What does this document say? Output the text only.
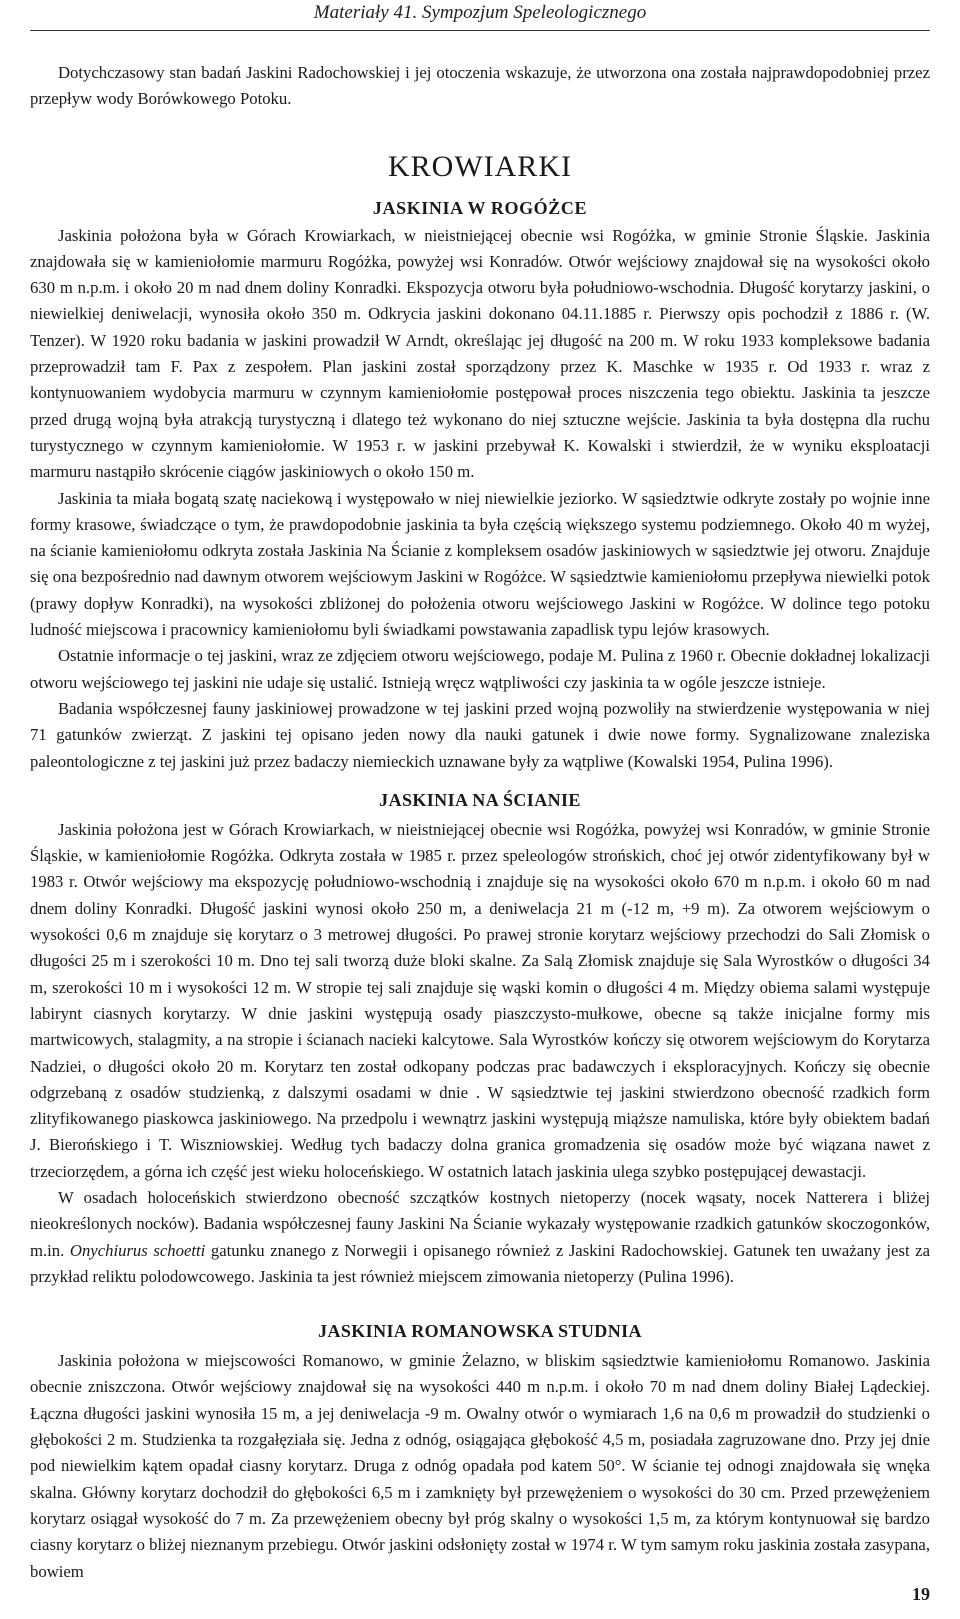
Materiały 41. Sympozjum Speleologicznego

Dotychczasowy stan badań Jaskini Radochowskiej i jej otoczenia wskazuje, że utworzona ona została najprawdopodobniej przez przepływ wody Borówkowego Potoku.

KROWIARKI
JASKINIA W ROGÓŻCE

Jaskinia położona była w Górach Krowiarkach, w nieistniejącej obecnie wsi Rogóżka, w gminie Stronie Śląskie. Jaskinia znajdowała się w kamieniołomie marmuru Rogóżka, powyżej wsi Konradów. Otwór wejściowy znajdował się na wysokości około 630 m n.p.m. i około 20 m nad dnem doliny Konradki. Ekspozycja otworu była południowo-wschodnia. Długość korytarzy jaskini, o niewielkiej deniwelacji, wynosiła około 350 m. Odkrycia jaskini dokonano 04.11.1885 r. Pierwszy opis pochodził z 1886 r. (W. Tenzer). W 1920 roku badania w jaskini prowadził W Arndt, określając jej długość na 200 m. W roku 1933 kompleksowe badania przeprowadził tam F. Pax z zespołem. Plan jaskini został sporządzony przez K. Maschke w 1935 r. Od 1933 r. wraz z kontynuowaniem wydobycia marmuru w czynnym kamieniołomie postępował proces niszczenia tego obiektu. Jaskinia ta jeszcze przed drugą wojną była atrakcją turystyczną i dlatego też wykonano do niej sztuczne wejście. Jaskinia ta była dostępna dla ruchu turystycznego w czynnym kamieniołomie. W 1953 r. w jaskini przebywał K. Kowalski i stwierdził, że w wyniku eksploatacji marmuru nastąpiło skrócenie ciągów jaskiniowych o około 150 m.

Jaskinia ta miała bogatą szatę naciekową i występowało w niej niewielkie jeziorko. W sąsiedztwie odkryte zostały po wojnie inne formy krasowe, świadczące o tym, że prawdopodobnie jaskinia ta była częścią większego systemu podziemnego. Około 40 m wyżej, na ścianie kamieniołomu odkryta została Jaskinia Na Ścianie z kompleksem osadów jaskiniowych w sąsiedztwie jej otworu. Znajduje się ona bezpośrednio nad dawnym otworem wejściowym Jaskini w Rogóżce. W sąsiedztwie kamieniołomu przepływa niewielki potok (prawy dopływ Konradki), na wysokości zbliżonej do położenia otworu wejściowego Jaskini w Rogóżce. W dolince tego potoku ludność miejscowa i pracownicy kamieniołomu byli świadkami powstawania zapadlisk typu lejów krasowych.

Ostatnie informacje o tej jaskini, wraz ze zdjęciem otworu wejściowego, podaje M. Pulina z 1960 r. Obecnie dokładnej lokalizacji otworu wejściowego tej jaskini nie udaje się ustalić. Istnieją wręcz wątpliwości czy jaskinia ta w ogóle jeszcze istnieje.

Badania współczesnej fauny jaskiniowej prowadzone w tej jaskini przed wojną pozwoliły na stwierdzenie występowania w niej 71 gatunków zwierząt. Z jaskini tej opisano jeden nowy dla nauki gatunek i dwie nowe formy. Sygnalizowane znaleziska paleontologiczne z tej jaskini już przez badaczy niemieckich uznawane były za wątpliwe (Kowalski 1954, Pulina 1996).

JASKINIA NA ŚCIANIE

Jaskinia położona jest w Górach Krowiarkach, w nieistniejącej obecnie wsi Rogóżka, powyżej wsi Konradów, w gminie Stronie Śląskie, w kamieniołomie Rogóżka. Odkryta została w 1985 r. przez speleologów strońskich, choć jej otwór zidentyfikowany był w 1983 r. Otwór wejściowy ma ekspozycję południowo-wschodnią i znajduje się na wysokości około 670 m n.p.m. i około 60 m nad dnem doliny Konradki. Długość jaskini wynosi około 250 m, a deniwelacja 21 m (-12 m, +9 m). Za otworem wejściowym o wysokości 0,6 m znajduje się korytarz o 3 metrowej długości. Po prawej stronie korytarz wejściowy przechodzi do Sali Złomisk o długości 25 m i szerokości 10 m. Dno tej sali tworzą duże bloki skalne. Za Salą Złomisk znajduje się Sala Wyrostków o długości 34 m, szerokości 10 m i wysokości 12 m. W stropie tej sali znajduje się wąski komin o długości 4 m. Między obiema salami występuje labirynt ciasnych korytarzy. W dnie jaskini występują osady piaszczysto-mułkowe, obecne są także inicjalne formy mis martwicowych, stalagmity, a na stropie i ścianach nacieki kalcytowe. Sala Wyrostków kończy się otworem wejściowym do Korytarza Nadziei, o długości około 20 m. Korytarz ten został odkopany podczas prac badawczych i eksploracyjnych. Kończy się obecnie odgrzebaną z osadów studzienką, z dalszymi osadami w dnie . W sąsiedztwie tej jaskini stwierdzono obecność rzadkich form zlityfikowanego piaskowca jaskiniowego. Na przedpolu i wewnątrz jaskini występują miąższe namuliska, które były obiektem badań J. Bierońskiego i T. Wiszniowskiej. Według tych badaczy dolna granica gromadzenia się osadów może być wiązana nawet z trzeciorzędem, a górna ich część jest wieku holoceńskiego. W ostatnich latach jaskinia ulega szybko postępującej dewastacji.

W osadach holoceńskich stwierdzono obecność szczątków kostnych nietoperzy (nocek wąsaty, nocek Natterera i bliżej nieokreślonych nocków). Badania współczesnej fauny Jaskini Na Ścianie wykazały występowanie rzadkich gatunków skoczogonków, m.in. Onychiurus schoetti gatunku znanego z Norwegii i opisanego również z Jaskini Radochowskiej. Gatunek ten uważany jest za przykład reliktu polodowcowego. Jaskinia ta jest również miejscem zimowania nietoperzy (Pulina 1996).

JASKINIA ROMANOWSKA STUDNIA

Jaskinia położona w miejscowości Romanowo, w gminie Żelazno, w bliskim sąsiedztwie kamieniołomu Romanowo. Jaskinia obecnie zniszczona. Otwór wejściowy znajdował się na wysokości 440 m n.p.m. i około 70 m nad dnem doliny Białej Lądeckiej. Łączna długości jaskini wynosiła 15 m, a jej deniwelacja -9 m. Owalny otwór o wymiarach 1,6 na 0,6 m prowadził do studzienki o głębokości 2 m. Studzienka ta rozgałęziała się. Jedna z odnóg, osiągająca głębokość 4,5 m, posiadała zagruzowane dno. Przy jej dnie pod niewielkim kątem opadał ciasny korytarz. Druga z odnóg opadała pod katem 50°. W ścianie tej odnogi znajdowała się wnęka skalna. Główny korytarz dochodził do głębokości 6,5 m i zamknięty był przewężeniem o wysokości do 30 cm. Przed przewężeniem korytarz osiągał wysokość do 7 m. Za przewężeniem obecny był próg skalny o wysokości 1,5 m, za którym kontynuował się bardzo ciasny korytarz o bliżej nieznanym przebiegu. Otwór jaskini odsłonięty został w 1974 r. W tym samym roku jaskinia została zasypana, bowiem

19
